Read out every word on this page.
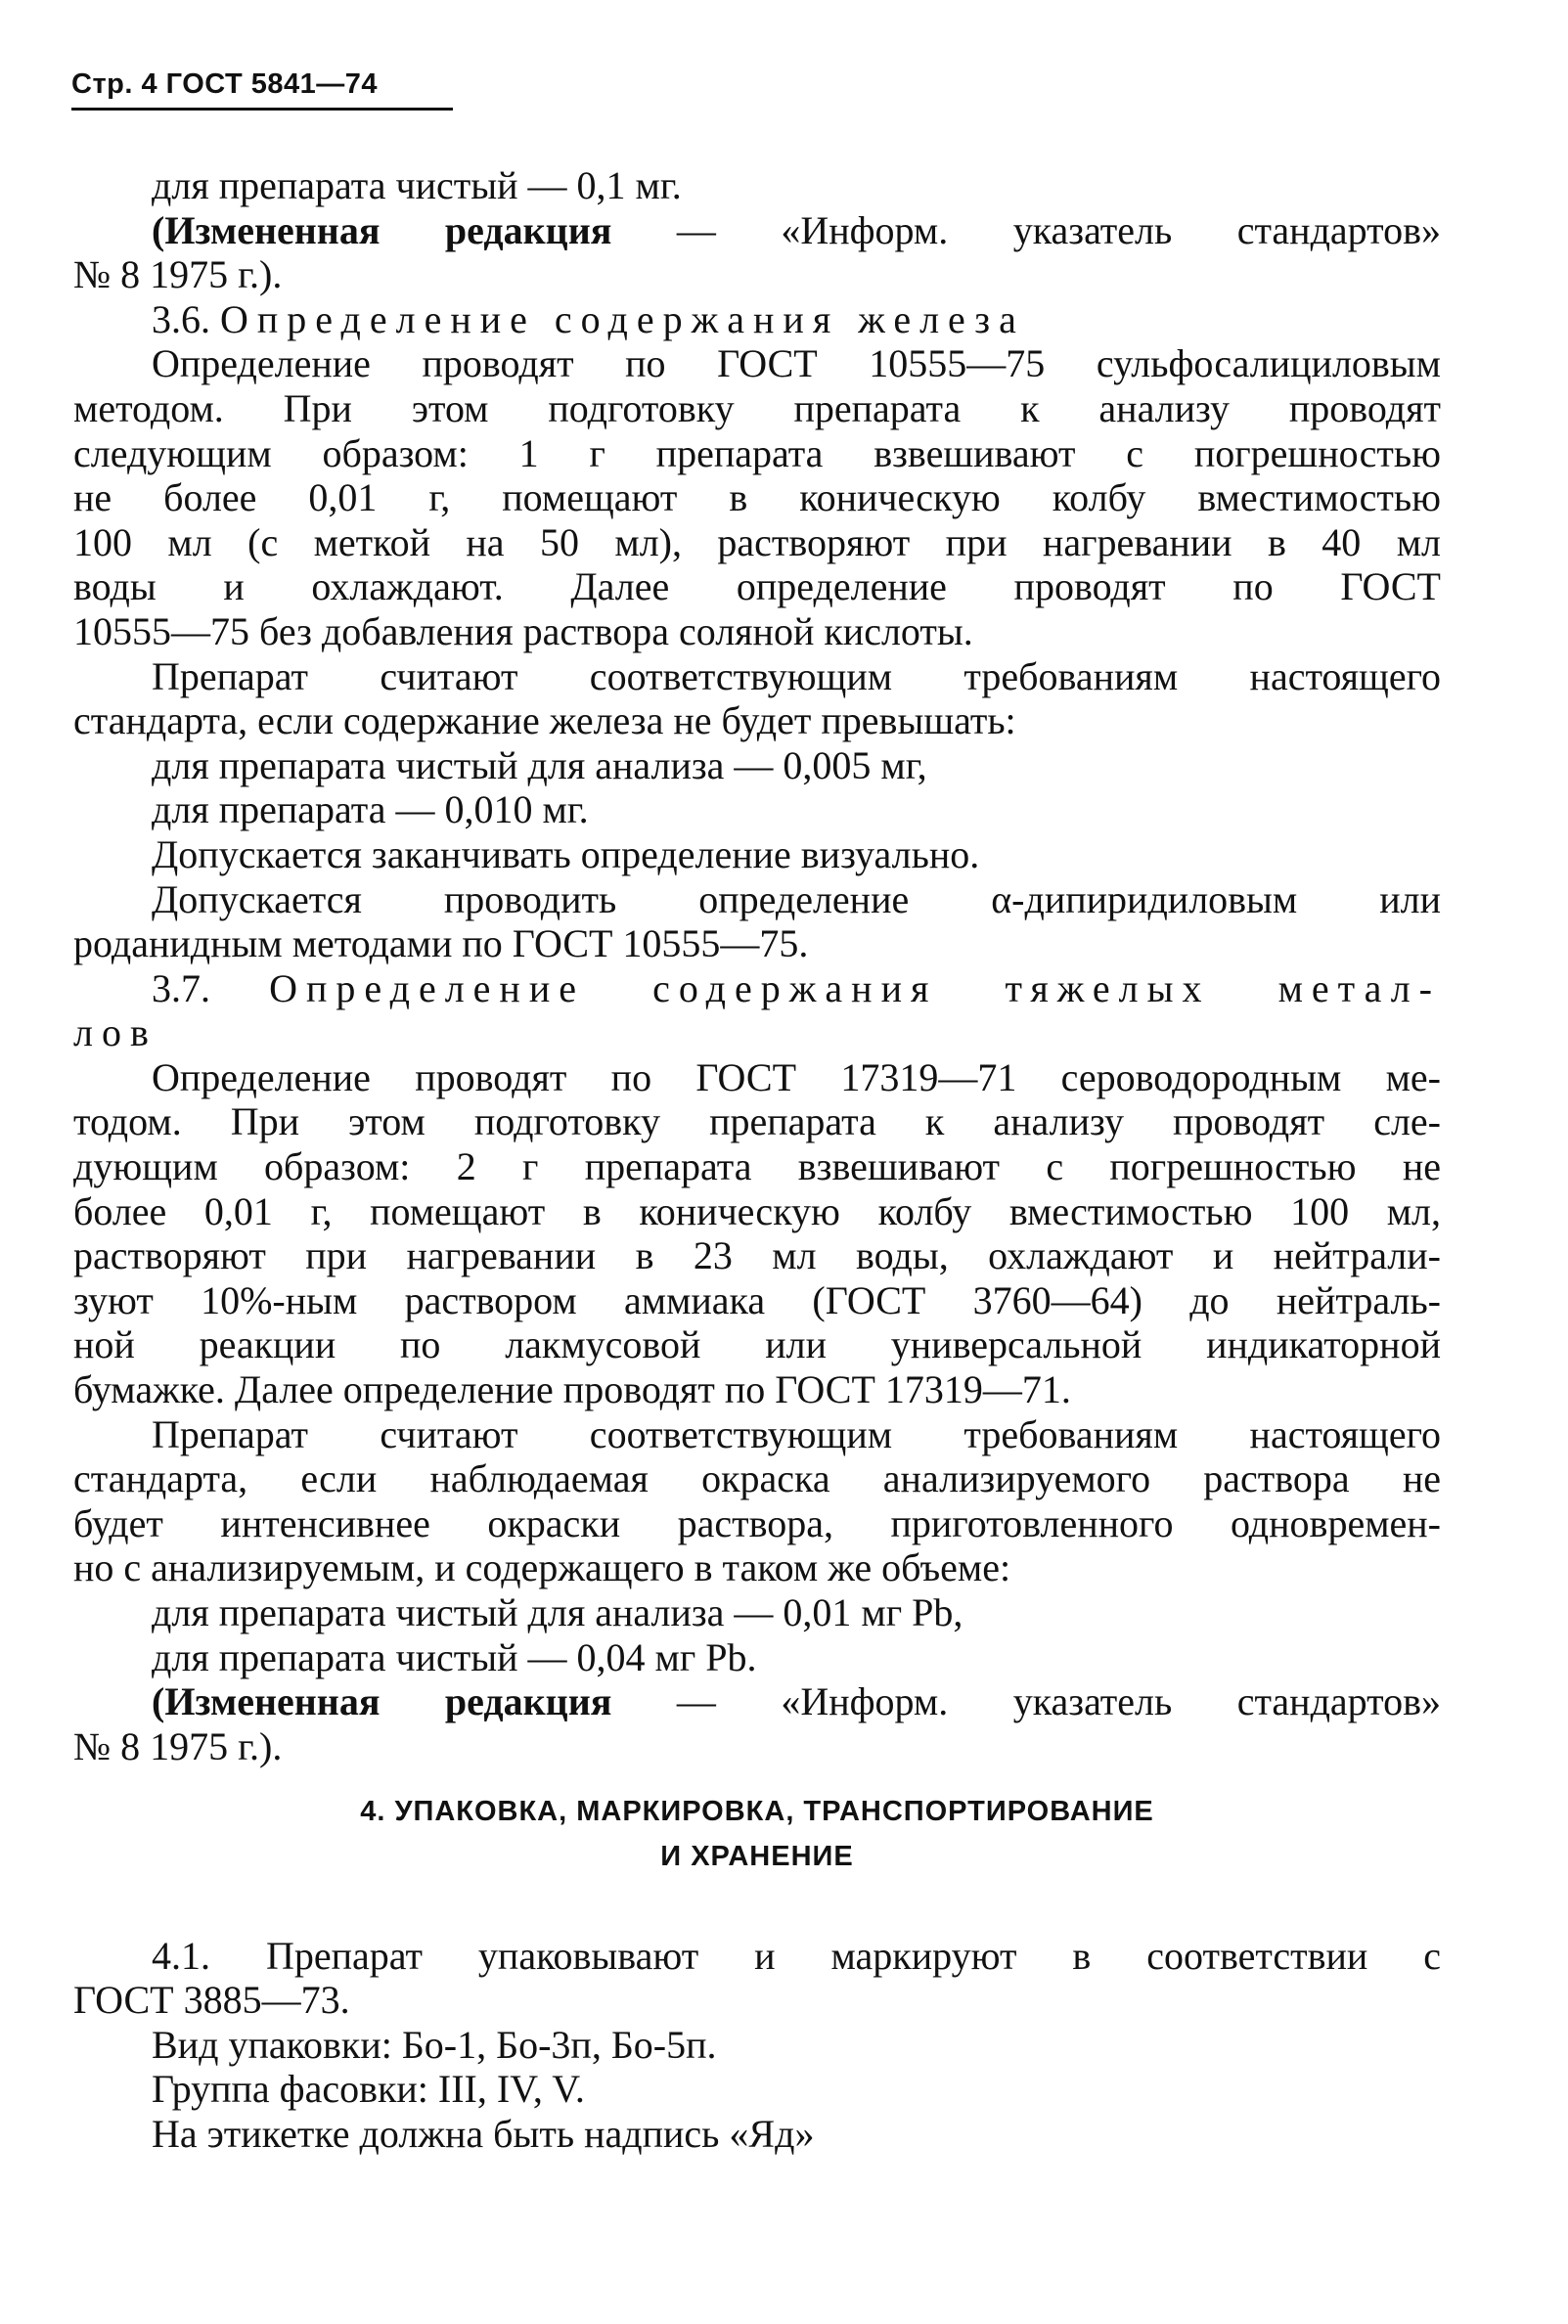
Стр. 4 ГОСТ 5841—74
для препарата чистый — 0,1 мг.
(Измененная редакция — «Информ. указатель стандартов»
№ 8 1975 г.).
3.6. Определение содержания железа
Определение проводят по ГОСТ 10555—75 сульфосалициловым
методом. При этом подготовку препарата к анализу проводят
следующим образом: 1 г препарата взвешивают с погрешностью
не более 0,01 г, помещают в коническую колбу вместимостью
100 мл (с меткой на 50 мл), растворяют при нагревании в 40 мл
воды и охлаждают. Далее определение проводят по ГОСТ
10555—75 без добавления раствора соляной кислоты.
Препарат считают соответствующим требованиям настоящего
стандарта, если содержание железа не будет превышать:
для препарата чистый для анализа — 0,005 мг,
для препарата — 0,010 мг.
Допускается заканчивать определение визуально.
Допускается проводить определение α-дипиридиловым или
роданидным методами по ГОСТ 10555—75.
3.7. Определение содержания тяжелых метал-
лов
Определение проводят по ГОСТ 17319—71 сероводородным ме-
тодом. При этом подготовку препарата к анализу проводят сле-
дующим образом: 2 г препарата взвешивают с погрешностью не
более 0,01 г, помещают в коническую колбу вместимостью 100 мл,
растворяют при нагревании в 23 мл воды, охлаждают и нейтрали-
зуют 10%-ным раствором аммиака (ГОСТ 3760—64) до нейтраль-
ной реакции по лакмусовой или универсальной индикаторной
бумажке. Далее определение проводят по ГОСТ 17319—71.
Препарат считают соответствующим требованиям настоящего
стандарта, если наблюдаемая окраска анализируемого раствора не
будет интенсивнее окраски раствора, приготовленного одновремен-
но с анализируемым, и содержащего в таком же объеме:
для препарата чистый для анализа — 0,01 мг Pb,
для препарата чистый — 0,04 мг Pb.
(Измененная редакция — «Информ. указатель стандартов»
№ 8 1975 г.).
4. УПАКОВКА, МАРКИРОВКА, ТРАНСПОРТИРОВАНИЕ
И ХРАНЕНИЕ
4.1. Препарат упаковывают и маркируют в соответствии с
ГОСТ 3885—73.
Вид упаковки: Бо-1, Бо-3п, Бо-5п.
Группа фасовки: III, IV, V.
На этикетке должна быть надпись «Яд»
